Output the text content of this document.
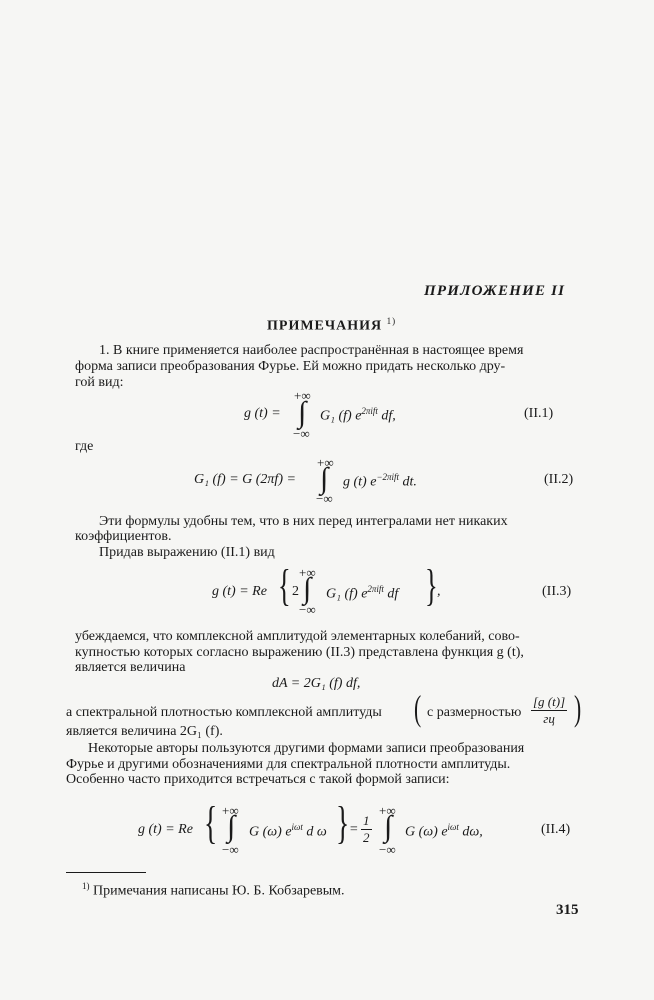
ПРИЛОЖЕНИЕ II
ПРИМЕЧАНИЯ $^{1)}$
1. В книге применяется наиболее распространённая в настоящее время
форма записи преобразования Фурье. Ей можно придать несколько дру-
гой вид:
g (t) =
+∞
∫
−∞
G₁ (f) $e^{2\pi ift}$ df,	(II.1)
где
G₁ (f) = G (2πf) =
+∞
∫
−∞
g (t) $e^{-2\pi ift}$ dt.	(II.2)
Эти формулы удобны тем, что в них перед интегралами нет никаких
коэффициентов.
Придав выражению (II.1) вид
g (t) = Re { 2
+∞
∫
−∞
G₁ (f) $e^{2\pi ift}$ df } ,	(II.3)
убеждаемся, что комплексной амплитудой элементарных колебаний, сово-
купностью которых согласно выражению (II.3) представлена функция g (t),
является величина
dA = 2G₁ (f) df,
а спектральной плотностью комплексной амплитуды ( с размерностью $\frac{[g (t)]}{гц}$ )
является величина 2G₁ (f).
Некоторые авторы пользуются другими формами записи преобразования
Фурье и другими обозначениями для спектральной плотности амплитуды.
Особенно часто приходится встречаться с такой формой записи:
g (t) = Re { +∞
∫
−∞
G (ω) $e^{i\omega t}$ d ω } = $\frac{1}{2}$
+∞
∫
−∞
G (ω) $e^{i\omega t}$ dω,	(II.4)
$^{1)}$ Примечания написаны Ю. Б. Кобзаревым.
315
